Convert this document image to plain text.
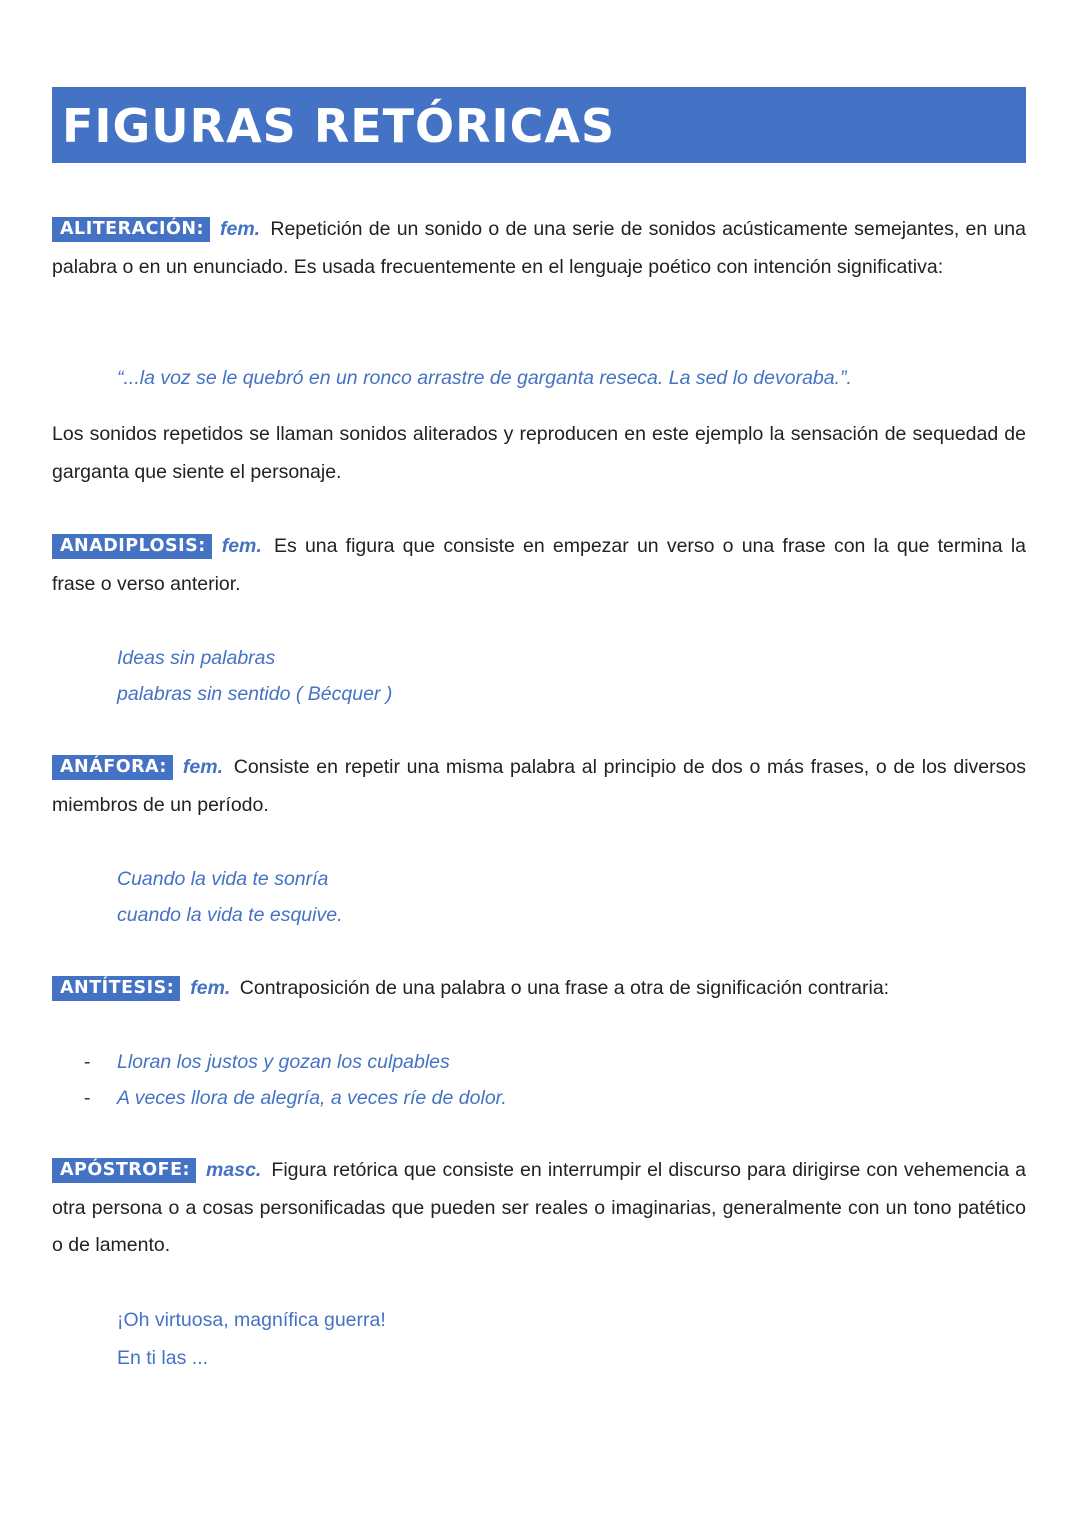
FIGURAS RETÓRICAS

ALITERACIÓN: fem. Repetición de un sonido o de una serie de sonidos acústicamente semejantes, en una palabra o en un enunciado. Es usada frecuentemente en el lenguaje poético con intención significativa:

“...la voz se le quebró en un ronco arrastre de garganta reseca. La sed lo devoraba.”.

Los sonidos repetidos se llaman sonidos aliterados y reproducen en este ejemplo la sensación de sequedad de garganta que siente el personaje.

ANADIPLOSIS: fem. Es una figura que consiste en empezar un verso o una frase con la que termina la frase o verso anterior.

Ideas sin palabras

palabras sin sentido ( Bécquer )

ANÁFORA: fem. Consiste en repetir una misma palabra al principio de dos o más frases, o de los diversos miembros de un período.

Cuando la vida te sonría

cuando la vida te esquive.

ANTÍTESIS: fem. Contraposición de una palabra o una frase a otra de significación contraria:

- Lloran los justos y gozan los culpables
- A veces llora de alegría, a veces ríe de dolor.

APÓSTROFE: masc. Figura retórica que consiste en interrumpir el discurso para dirigirse con vehemencia a otra persona o a cosas personificadas que pueden ser reales o imaginarias, generalmente con un tono patético o de lamento.

¡Oh virtuosa, magnífica guerra!

En ti las ...
